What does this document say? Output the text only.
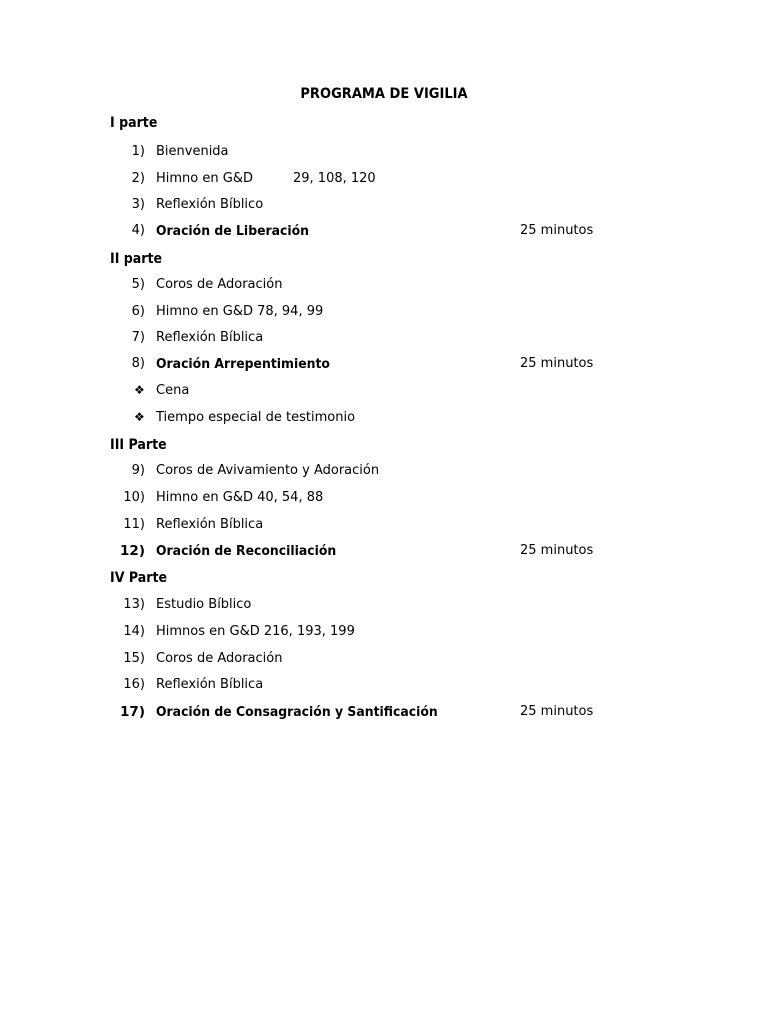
PROGRAMA DE VIGILIA
I parte
1) Bienvenida
2) Himno en G&D	29, 108, 120
3) Reflexión Bíblico
4) Oración de Liberación	25 minutos
II parte
5) Coros de Adoración
6) Himno en G&D 78, 94, 99
7) Reflexión Bíblica
8) Oración Arrepentimiento	25 minutos
❖ Cena
❖ Tiempo especial de testimonio
III Parte
9) Coros de Avivamiento y Adoración
10) Himno en G&D 40, 54, 88
11) Reflexión Bíblica
12) Oración de Reconciliación	25 minutos
IV Parte
13) Estudio Bíblico
14) Himnos en G&D 216, 193, 199
15) Coros de Adoración
16) Reflexión Bíblica
17) Oración de Consagración y Santificación	25 minutos
